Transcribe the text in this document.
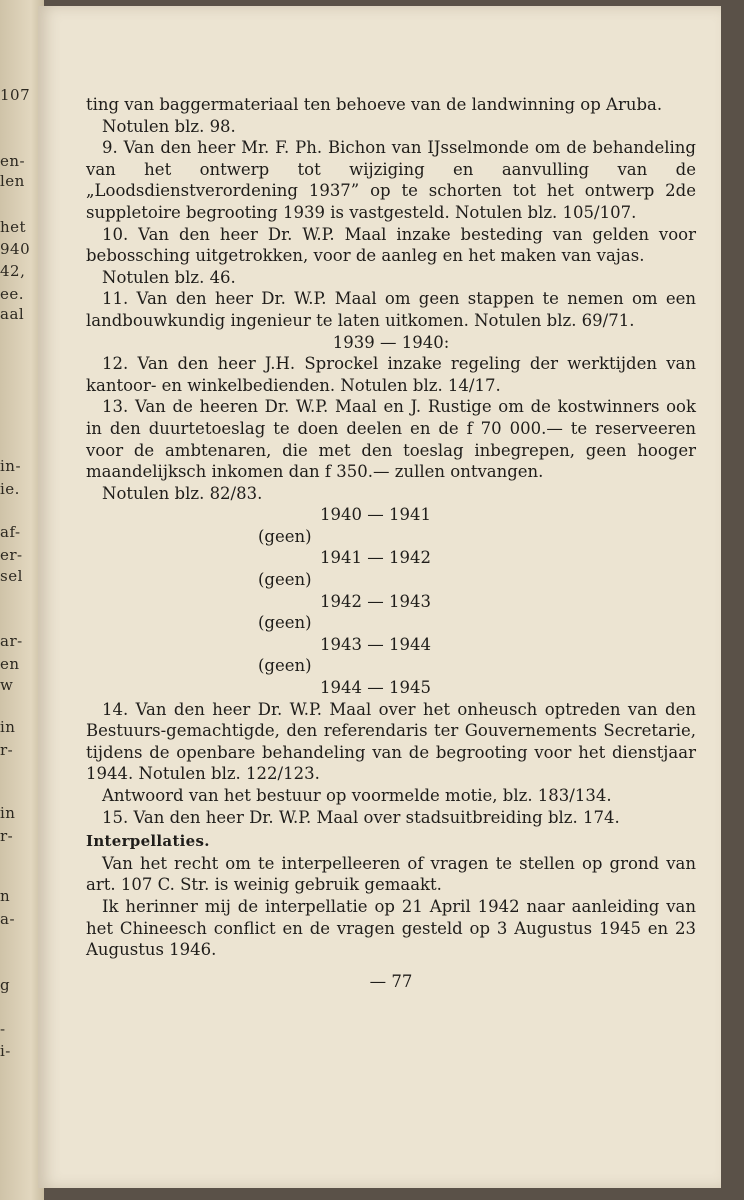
107
en-
len
het
940
42,
ee.
aal
in-
ie.
af-
er-
sel
ar-
en
w
in
r-
in
r-
n
a-
g
-
i-

ting van baggermateriaal ten behoeve van de landwinning op Aruba.

Notulen blz. 98.

9. Van den heer Mr. F. Ph. Bichon van IJsselmonde om de behandeling van het ontwerp tot wijziging en aanvulling van de „Loodsdienstverordening 1937” op te schorten tot het ontwerp 2de suppletoire begrooting 1939 is vastgesteld. Notulen blz. 105/107.

10. Van den heer Dr. W.P. Maal inzake besteding van gelden voor bebossching uitgetrokken, voor de aanleg en het maken van vajas.

Notulen blz. 46.

11. Van den heer Dr. W.P. Maal om geen stappen te nemen om een landbouwkundig ingenieur te laten uitkomen. Notulen blz. 69/71.

1939 — 1940:

12. Van den heer J.H. Sprockel inzake regeling der werktijden van kantoor- en winkelbedienden. Notulen blz. 14/17.

13. Van de heeren Dr. W.P. Maal en J. Rustige om de kostwinners ook in den duurtetoeslag te doen deelen en de f 70 000.— te reserveeren voor de ambtenaren, die met den toeslag inbegrepen, geen hooger maandelijksch inkomen dan f 350.— zullen ontvangen.

Notulen blz. 82/83.

1940 — 1941
(geen)
1941 — 1942
(geen)
1942 — 1943
(geen)
1943 — 1944
(geen)
1944 — 1945

14. Van den heer Dr. W.P. Maal over het onheusch optreden van den Bestuurs-gemachtigde, den referendaris ter Gouvernements Secretarie, tijdens de openbare behandeling van de begrooting voor het dienstjaar 1944. Notulen blz. 122/123.

Antwoord van het bestuur op voormelde motie, blz. 183/134.

15. Van den heer Dr. W.P. Maal over stadsuitbreiding blz. 174.

Interpellaties.

Van het recht om te interpelleeren of vragen te stellen op grond van art. 107 C. Str. is weinig gebruik gemaakt.

Ik herinner mij de interpellatie op 21 April 1942 naar aanleiding van het Chineesch conflict en de vragen gesteld op 3 Augustus 1945 en 23 Augustus 1946.

— 77
